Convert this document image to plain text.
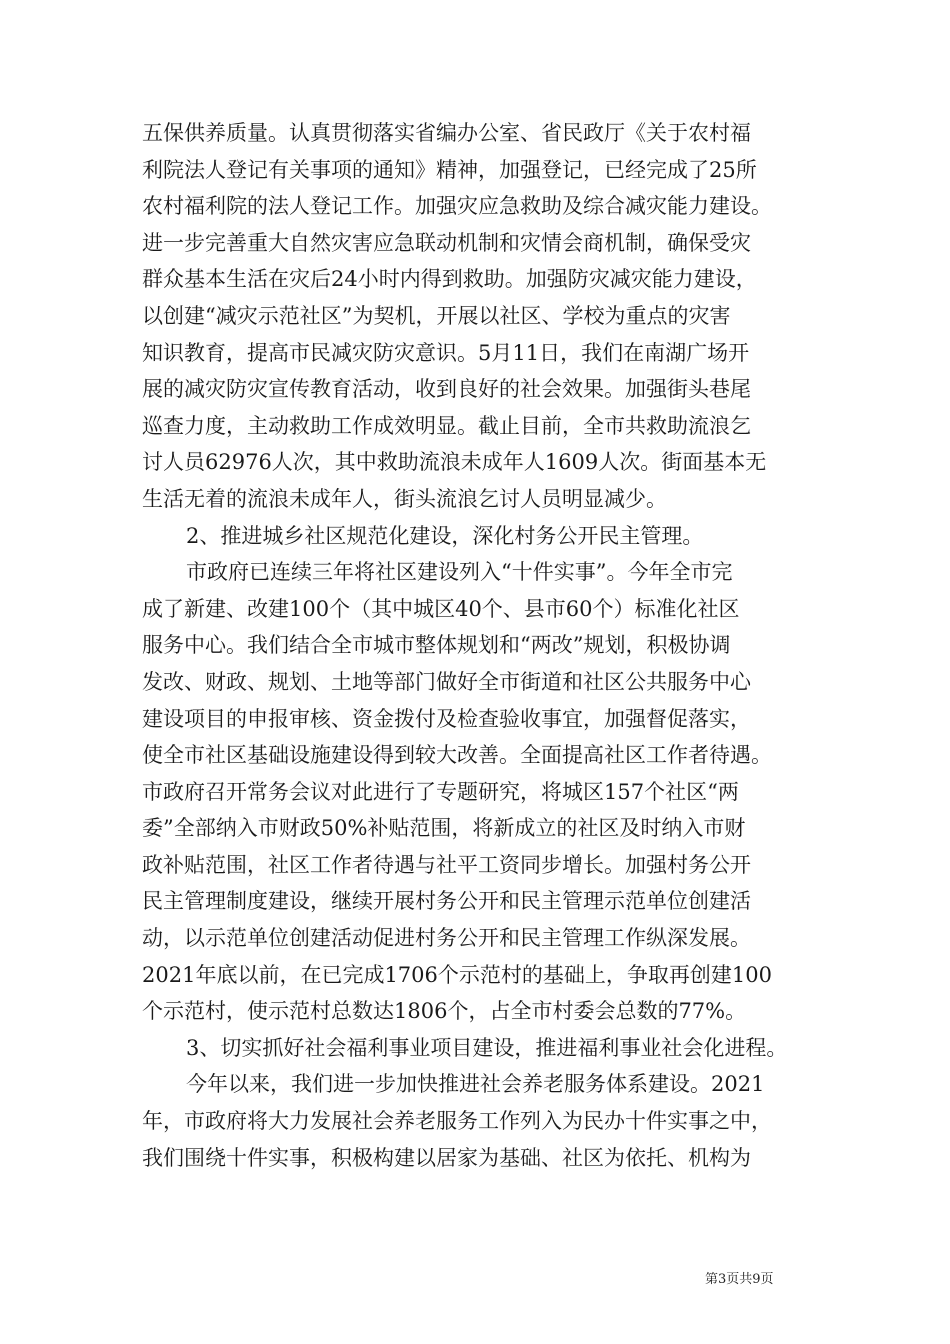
五保供养质量。认真贯彻落实省编办公室、省民政厅《关于农村福
利院法人登记有关事项的通知》精神，加强登记，已经完成了25所
农村福利院的法人登记工作。加强灾应急救助及综合减灾能力建设。
进一步完善重大自然灾害应急联动机制和灾情会商机制，确保受灾
群众基本生活在灾后24小时内得到救助。加强防灾减灾能力建设，
以创建“减灾示范社区”为契机，开展以社区、学校为重点的灾害
知识教育，提高市民减灾防灾意识。5月11日，我们在南湖广场开
展的减灾防灾宣传教育活动，收到良好的社会效果。加强街头巷尾
巡查力度，主动救助工作成效明显。截止目前，全市共救助流浪乞
讨人员62976人次，其中救助流浪未成年人1609人次。街面基本无
生活无着的流浪未成年人，街头流浪乞讨人员明显减少。
2、推进城乡社区规范化建设，深化村务公开民主管理。
市政府已连续三年将社区建设列入“十件实事”。今年全市完
成了新建、改建100个（其中城区40个、县市60个）标准化社区
服务中心。我们结合全市城市整体规划和“两改”规划，积极协调
发改、财政、规划、土地等部门做好全市街道和社区公共服务中心
建设项目的申报审核、资金拨付及检查验收事宜，加强督促落实，
使全市社区基础设施建设得到较大改善。全面提高社区工作者待遇。
市政府召开常务会议对此进行了专题研究，将城区157个社区“两
委”全部纳入市财政50%补贴范围，将新成立的社区及时纳入市财
政补贴范围，社区工作者待遇与社平工资同步增长。加强村务公开
民主管理制度建设，继续开展村务公开和民主管理示范单位创建活
动，以示范单位创建活动促进村务公开和民主管理工作纵深发展。
2021年底以前，在已完成1706个示范村的基础上，争取再创建100
个示范村，使示范村总数达1806个，占全市村委会总数的77%。
3、切实抓好社会福利事业项目建设，推进福利事业社会化进程。
今年以来，我们进一步加快推进社会养老服务体系建设。2021
年，市政府将大力发展社会养老服务工作列入为民办十件实事之中，
我们围绕十件实事，积极构建以居家为基础、社区为依托、机构为
第3页共9页
